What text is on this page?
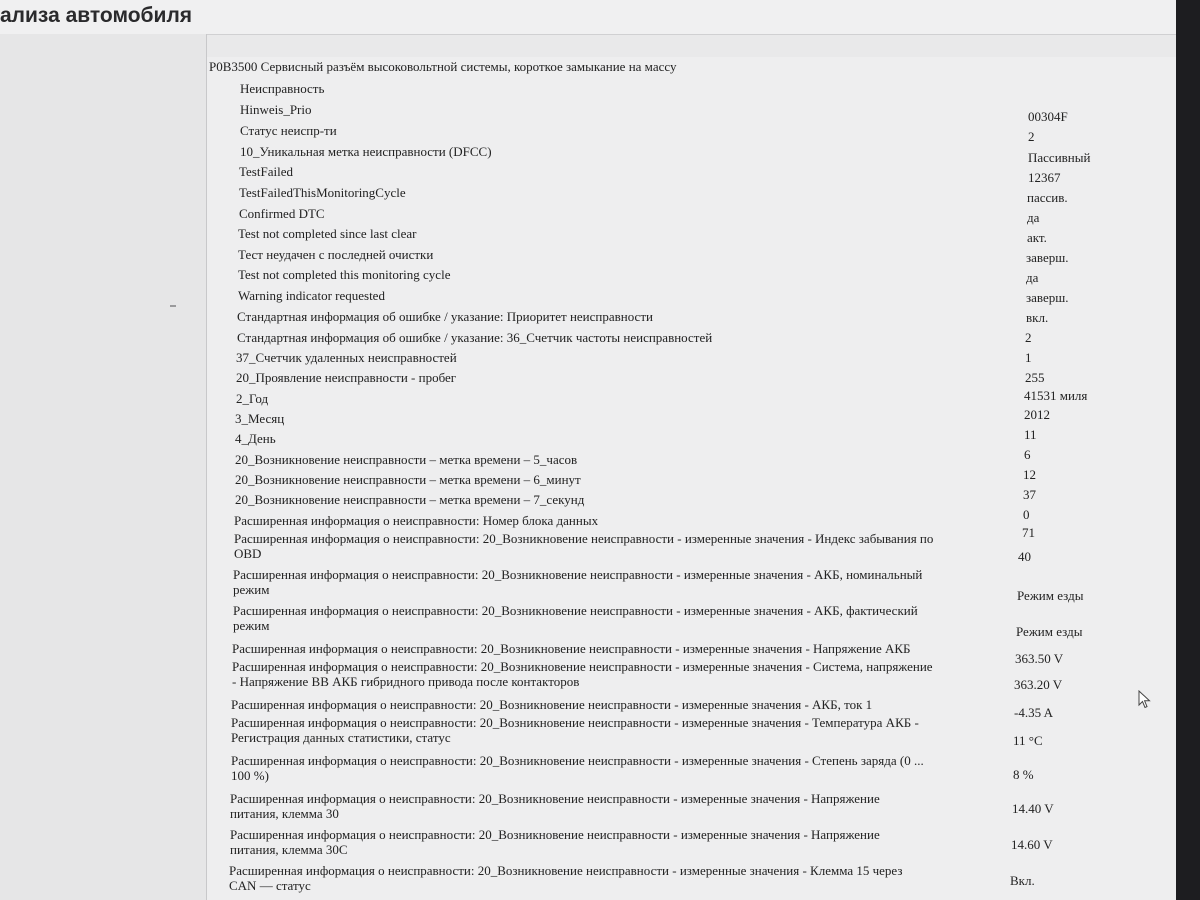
ализа автомобиля
P0B3500 Сервисный разъём высоковольтной системы, короткое замыкание на массу
Неисправность
Hinweis_Prio
Статус неиспр-ти
10_Уникальная метка неисправности (DFCC)
TestFailed
TestFailedThisMonitoringCycle
Confirmed DTC
Test not completed since last clear
Тест неудачен с последней очистки
Test not completed this monitoring cycle
Warning indicator requested
Стандартная информация об ошибке / указание: Приоритет неисправности
Стандартная информация об ошибке / указание: 36_Счетчик частоты неисправностей
37_Счетчик удаленных неисправностей
20_Проявление неисправности - пробег
2_Год
3_Месяц
4_День
20_Возникновение неисправности – метка времени – 5_часов
20_Возникновение неисправности – метка времени – 6_минут
20_Возникновение неисправности – метка времени – 7_секунд
Расширенная информация о неисправности: Номер блока данных
Расширенная информация о неисправности: 20_Возникновение неисправности - измеренные значения - Индекс забывания по
OBD
Расширенная информация о неисправности: 20_Возникновение неисправности - измеренные значения - АКБ, номинальный
режим
Расширенная информация о неисправности: 20_Возникновение неисправности - измеренные значения - АКБ, фактический
режим
Расширенная информация о неисправности: 20_Возникновение неисправности - измеренные значения - Напряжение АКБ
Расширенная информация о неисправности: 20_Возникновение неисправности - измеренные значения - Система, напряжение
- Напряжение ВВ АКБ гибридного привода после контакторов
Расширенная информация о неисправности: 20_Возникновение неисправности - измеренные значения - АКБ, ток 1
Расширенная информация о неисправности: 20_Возникновение неисправности - измеренные значения - Температура АКБ -
Регистрация данных статистики, статус
Расширенная информация о неисправности: 20_Возникновение неисправности - измеренные значения - Степень заряда (0 ...
100 %)
Расширенная информация о неисправности: 20_Возникновение неисправности - измеренные значения - Напряжение
питания, клемма 30
Расширенная информация о неисправности: 20_Возникновение неисправности - измеренные значения - Напряжение
питания, клемма 30С
Расширенная информация о неисправности: 20_Возникновение неисправности - измеренные значения - Клемма 15 через
CAN — статус
00304F
2
Пассивный
12367
пассив.
да
акт.
заверш.
да
заверш.
вкл.
2
1
255
41531 миля
2012
11
6
12
37
0
71
40
Режим езды
Режим езды
363.50 V
363.20 V
-4.35 A
11 °C
8 %
14.40 V
14.60 V
Вкл.
